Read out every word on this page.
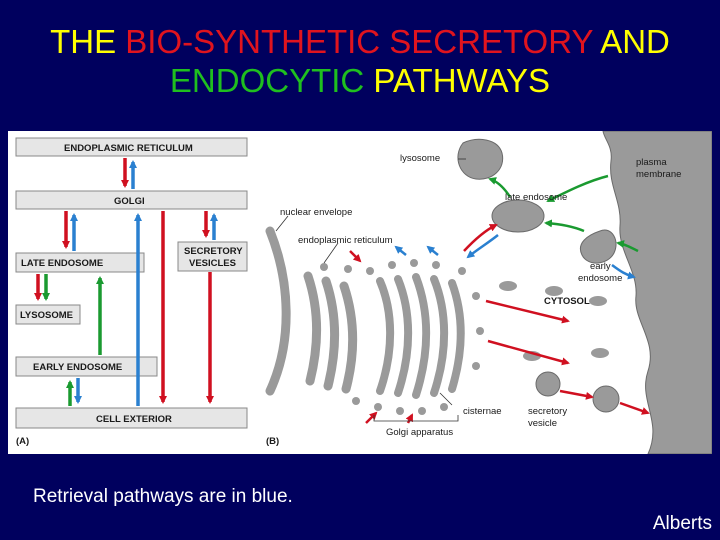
THE BIO-SYNTHETIC SECRETORY AND
ENDOCYTIC PATHWAYS
ENDOPLASMIC RETICULUM
GOLGI
LATE ENDOSOME
SECRETORY
VESICLES
LYSOSOME
EARLY ENDOSOME
CELL EXTERIOR
(A)
lysosome	plasma
membrane
late endosome
nuclear envelope
endoplasmic reticulum
early
endosome
CYTOSOL
cisternae	secretory
vesicle
Golgi apparatus
(B)
Retrieval pathways are in blue.
Alberts
